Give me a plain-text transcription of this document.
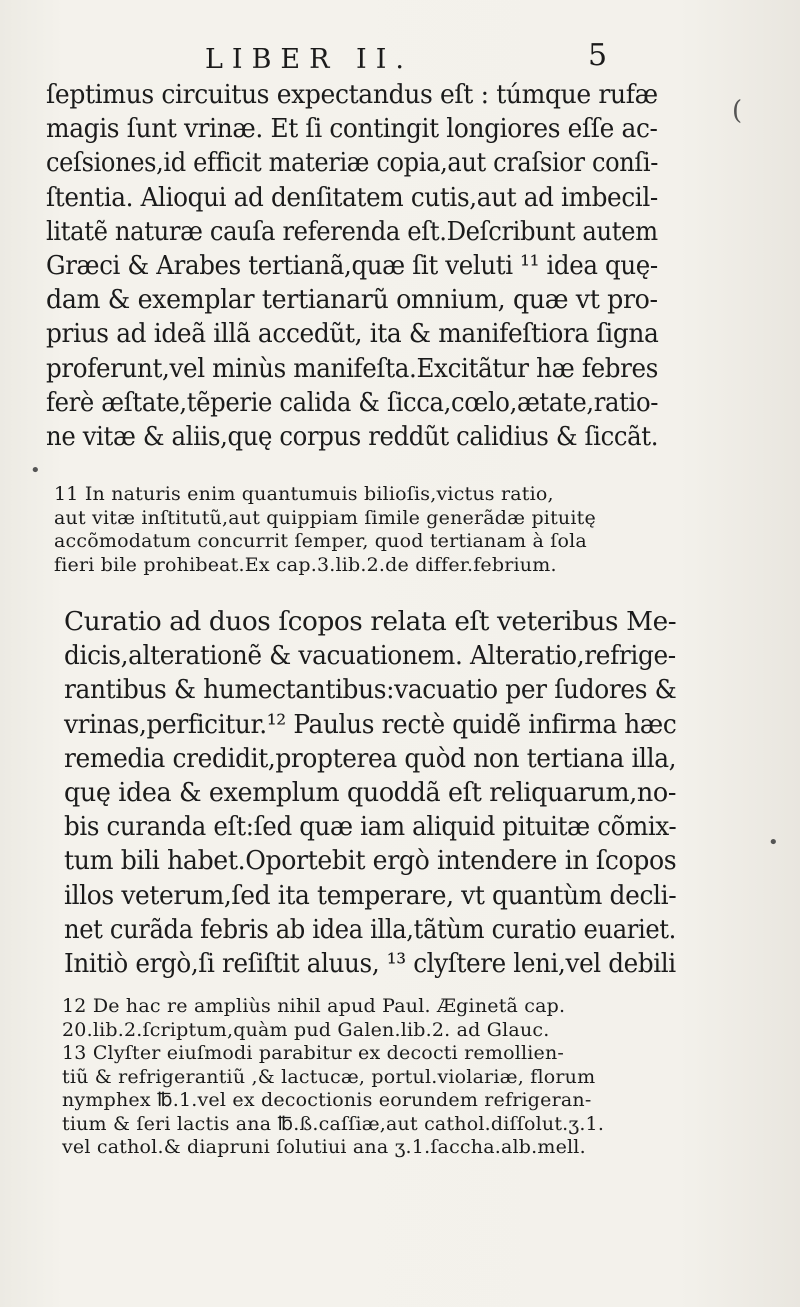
LIBER II.	5
ſeptimus circuitus expectandus eſt : túmque rufæ
magis ſunt vrinæ. Et ſi contingit longiores eſſe ac-
ceſsiones,id efficit materiæ copia,aut craſsior conſi-
ſtentia. Alioqui ad denſitatem cutis,aut ad imbecil-
litatẽ naturæ cauſa referenda eſt.Deſcribunt autem
Græci & Arabes tertianã,quæ ſit veluti ¹¹ idea quę-
dam & exemplar tertianarũ omnium, quæ vt pro-
prius ad ideã illã accedũt, ita & manifeſtiora ſigna
proferunt,vel minùs manifeſta.Excitãtur hæ febres
ferè æſtate,tẽperie calida & ſicca,cœlo,ætate,ratio-
ne vitæ & aliis,quę corpus reddũt calidius & ſiccãt.
11 In naturis enim quantumuis bilioſis,victus ratio,
aut vitæ inſtitutũ,aut quippiam ſimile generãdæ pituitę
accõmodatum concurrit ſemper, quod tertianam à ſola
fieri bile prohibeat.Ex cap.3.lib.2.de differ.febrium.
Curatio ad duos ſcopos relata eſt veteribus Me-
dicis,alterationẽ & vacuationem. Alteratio,refrige-
rantibus & humectantibus:vacuatio per ſudores &
vrinas,perficitur.¹² Paulus rectè quidẽ infirma hæc
remedia credidit,propterea quòd non tertiana illa,
quę idea & exemplum quoddã eſt reliquarum,no-
bis curanda eſt:ſed quæ iam aliquid pituitæ cõmix-
tum bili habet.Oportebit ergò intendere in ſcopos
illos veterum,ſed ita temperare, vt quantùm decli-
net curãda febris ab idea illa,tãtùm curatio euariet.
Initiò ergò,ſi reſiſtit aluus, ¹³ clyſtere leni,vel debili
12 De hac re ampliùs nihil apud Paul. Æginetã cap.
20.lib.2.ſcriptum,quàm pud Galen.lib.2. ad Glauc.
13 Clyſter eiuſmodi parabitur ex decocti remollien-
tiũ & refrigerantiũ ,& lactucæ, portul.violariæ, florum
nymphex ℔.1.vel ex decoctionis eorundem refrigeran-
tium & ſeri lactis ana ℔.ß.caſſiæ,aut cathol.diſſolut.ʒ.1.
vel cathol.& diapruni ſolutiui ana ʒ.1.ſaccha.alb.mell.
(
•
•
